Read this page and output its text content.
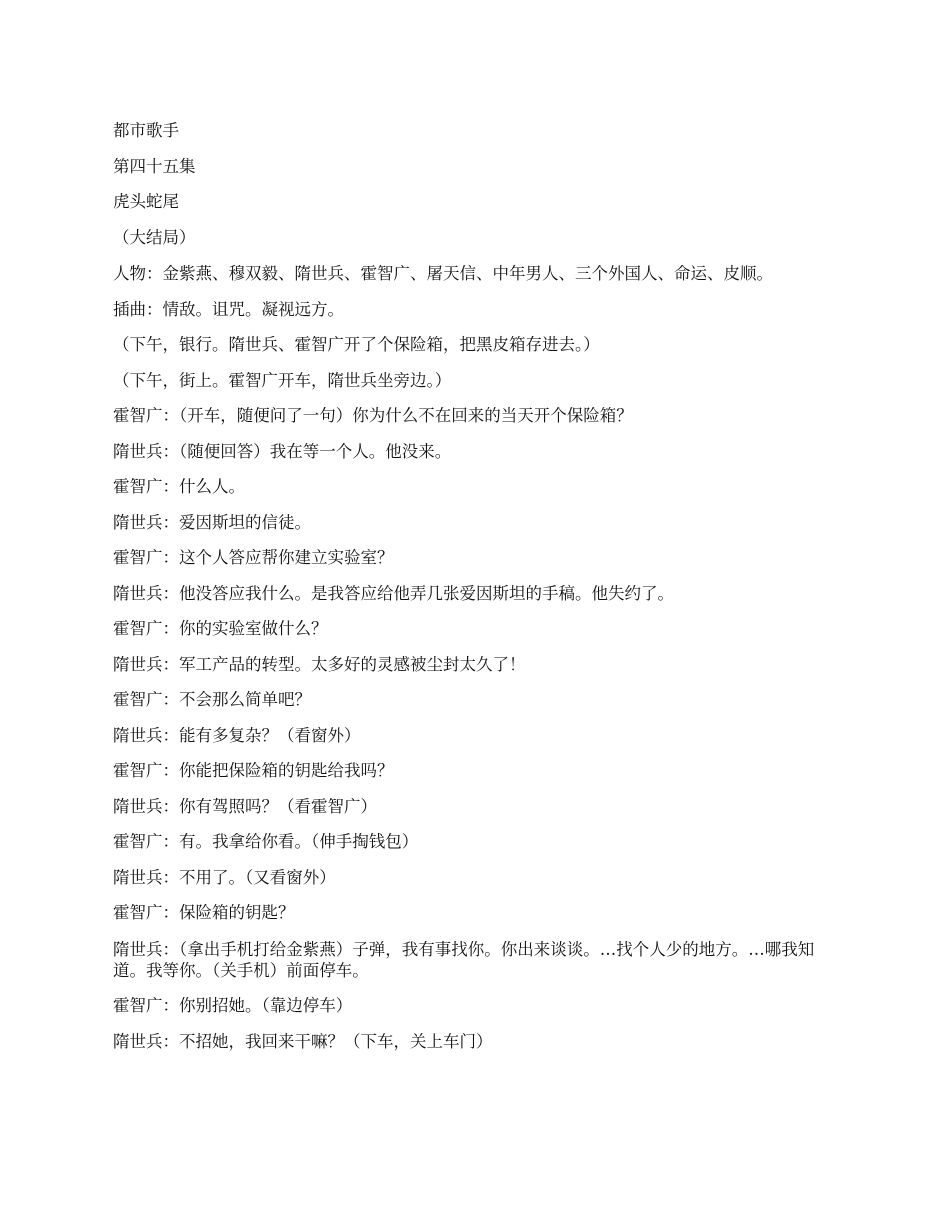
都市歌手

第四十五集

虎头蛇尾

（大结局）

人物：金紫燕、穆双毅、隋世兵、霍智广、屠天信、中年男人、三个外国人、命运、皮顺。

插曲：情敌。诅咒。凝视远方。

（下午，银行。隋世兵、霍智广开了个保险箱，把黑皮箱存进去。）

（下午，街上。霍智广开车，隋世兵坐旁边。）

霍智广：（开车，随便问了一句）你为什么不在回来的当天开个保险箱？

隋世兵：（随便回答）我在等一个人。他没来。

霍智广：什么人。

隋世兵：爱因斯坦的信徒。

霍智广：这个人答应帮你建立实验室？

隋世兵：他没答应我什么。是我答应给他弄几张爱因斯坦的手稿。他失约了。

霍智广：你的实验室做什么？

隋世兵：军工产品的转型。太多好的灵感被尘封太久了！

霍智广：不会那么简单吧？

隋世兵：能有多复杂？（看窗外）

霍智广：你能把保险箱的钥匙给我吗？

隋世兵：你有驾照吗？（看霍智广）

霍智广：有。我拿给你看。（伸手掏钱包）

隋世兵：不用了。（又看窗外）

霍智广：保险箱的钥匙？

隋世兵：（拿出手机打给金紫燕）子弹，我有事找你。你出来谈谈。…找个人少的地方。…哪我知道。我等你。（关手机）前面停车。

霍智广：你别招她。（靠边停车）

隋世兵：不招她，我回来干嘛？（下车，关上车门）
